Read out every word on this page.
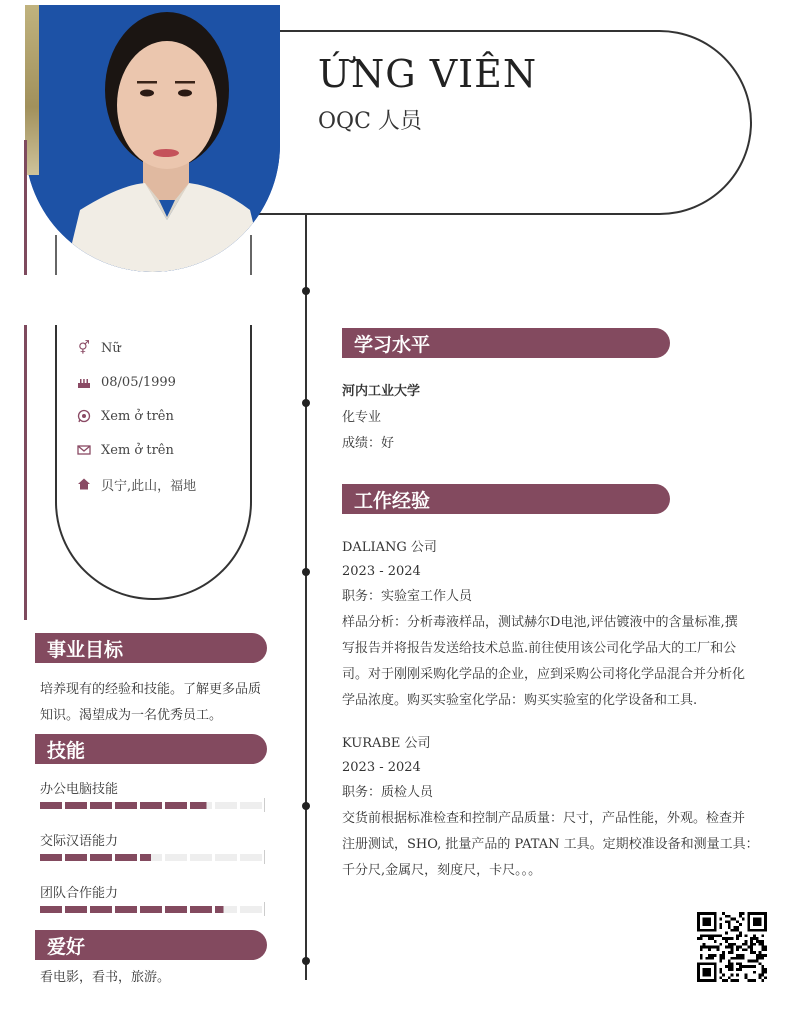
ỨNG VIÊN
OQC 人员
⚥ Nữ
08/05/1999
Xem ở trên
Xem ở trên
贝宁,此山，福地
学习水平
河内工业大学
化专业
成绩：好
工作经验
DALIANG 公司
2023 - 2024
职务：实验室工作人员
样品分析：分析毒液样品，测试赫尔D电池,评估镀液中的含量标准,撰
写报告并将报告发送给技术总监.前往使用该公司化学品大的工厂和公
司。对于刚刚采购化学品的企业，应到采购公司将化学品混合并分析化
学品浓度。购买实验室化学品：购买实验室的化学设备和工具.
KURABE 公司
2023 - 2024
职务：质检人员
交货前根据标准检查和控制产品质量：尺寸，产品性能，外观。检查并
注册测试，SHO, 批量产品的 PATAN 工具。定期校准设备和测量工具：
千分尺,金属尺，刻度尺，卡尺。。。
事业目标
培养现有的经验和技能。了解更多品质
知识。渴望成为一名优秀员工。
技能
办公电脑技能
交际汉语能力
团队合作能力
爱好
看电影，看书，旅游。
